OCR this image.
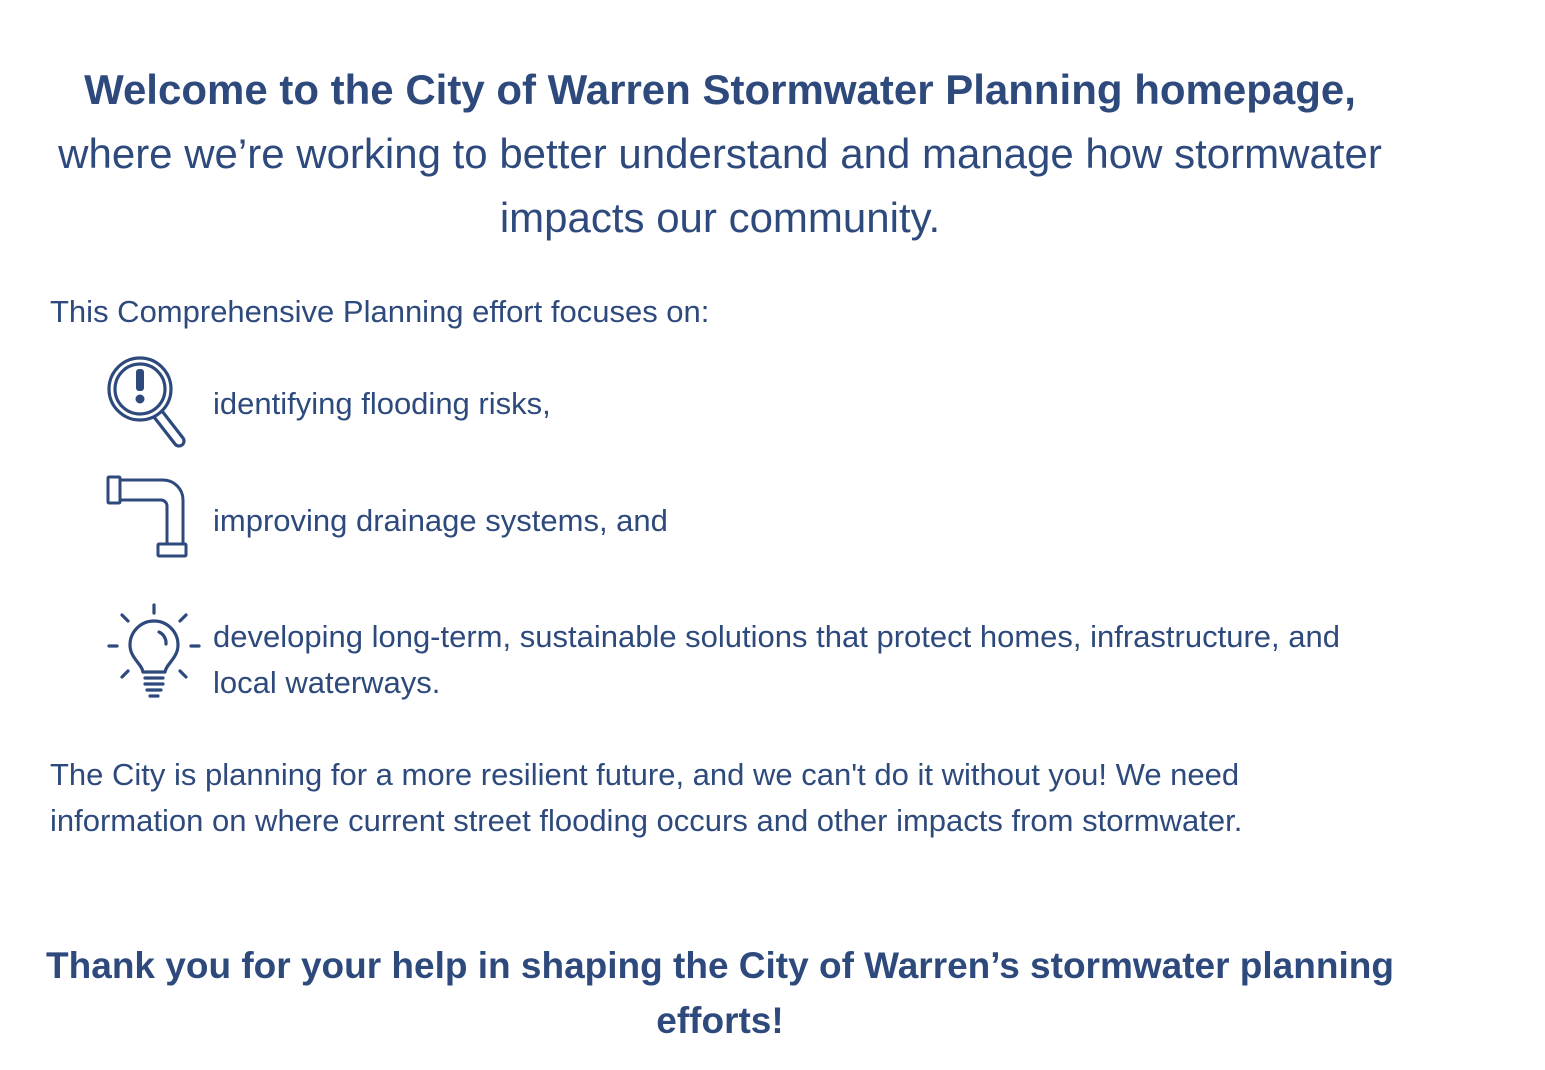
Welcome to the City of Warren Stormwater Planning homepage,
where we’re working to better understand and manage how stormwater impacts our community.

This Comprehensive Planning effort focuses on:

identifying flooding risks,
improving drainage systems, and
developing long-term, sustainable solutions that protect homes, infrastructure, and local waterways.

The City is planning for a more resilient future, and we can't do it without you! We need information on where current street flooding occurs and other impacts from stormwater.

Thank you for your help in shaping the City of Warren’s stormwater planning efforts!
